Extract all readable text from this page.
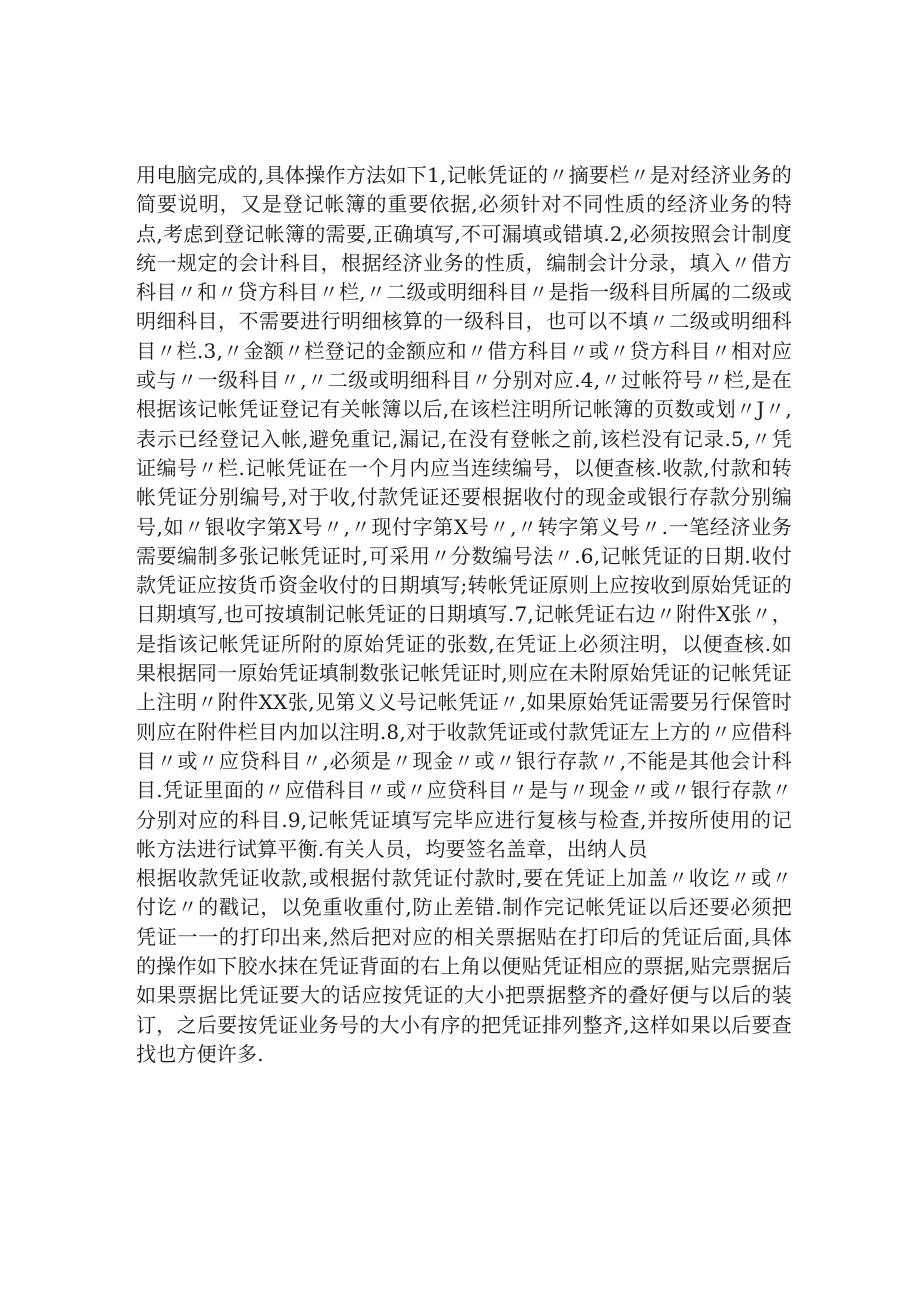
用电脑完成的,具体操作方法如下1,记帐凭证的〃摘要栏〃是对经济业务的简要说明，又是登记帐簿的重要依据,必须针对不同性质的经济业务的特点,考虑到登记帐簿的需要,正确填写,不可漏填或错填.2,必须按照会计制度统一规定的会计科目，根据经济业务的性质，编制会计分录，填入〃借方科目〃和〃贷方科目〃栏,〃二级或明细科目〃是指一级科目所属的二级或明细科目，不需要进行明细核算的一级科目，也可以不填〃二级或明细科目〃栏.3,〃金额〃栏登记的金额应和〃借方科目〃或〃贷方科目〃相对应或与〃一级科目〃,〃二级或明细科目〃分别对应.4,〃过帐符号〃栏,是在根据该记帐凭证登记有关帐簿以后,在该栏注明所记帐簿的页数或划〃J〃,表示已经登记入帐,避免重记,漏记,在没有登帐之前,该栏没有记录.5,〃凭证编号〃栏.记帐凭证在一个月内应当连续编号，以便查核.收款,付款和转帐凭证分别编号,对于收,付款凭证还要根据收付的现金或银行存款分别编号,如〃银收字第X号〃,〃现付字第X号〃,〃转字第义号〃.一笔经济业务需要编制多张记帐凭证时,可采用〃分数编号法〃.6,记帐凭证的日期.收付款凭证应按货币资金收付的日期填写;转帐凭证原则上应按收到原始凭证的日期填写,也可按填制记帐凭证的日期填写.7,记帐凭证右边〃附件X张〃，是指该记帐凭证所附的原始凭证的张数,在凭证上必须注明，以便查核.如果根据同一原始凭证填制数张记帐凭证时,则应在未附原始凭证的记帐凭证上注明〃附件XX张,见第义义号记帐凭证〃,如果原始凭证需要另行保管时则应在附件栏目内加以注明.8,对于收款凭证或付款凭证左上方的〃应借科目〃或〃应贷科目〃,必须是〃现金〃或〃银行存款〃,不能是其他会计科目.凭证里面的〃应借科目〃或〃应贷科目〃是与〃现金〃或〃银行存款〃分别对应的科目.9,记帐凭证填写完毕应进行复核与检查,并按所使用的记帐方法进行试算平衡.有关人员，均要签名盖章，出纳人员

根据收款凭证收款,或根据付款凭证付款时,要在凭证上加盖〃收讫〃或〃付讫〃的戳记，以免重收重付,防止差错.制作完记帐凭证以后还要必须把凭证一一的打印出来,然后把对应的相关票据贴在打印后的凭证后面,具体的操作如下胶水抹在凭证背面的右上角以便贴凭证相应的票据,贴完票据后如果票据比凭证要大的话应按凭证的大小把票据整齐的叠好便与以后的装订，之后要按凭证业务号的大小有序的把凭证排列整齐,这样如果以后要查找也方便许多.
